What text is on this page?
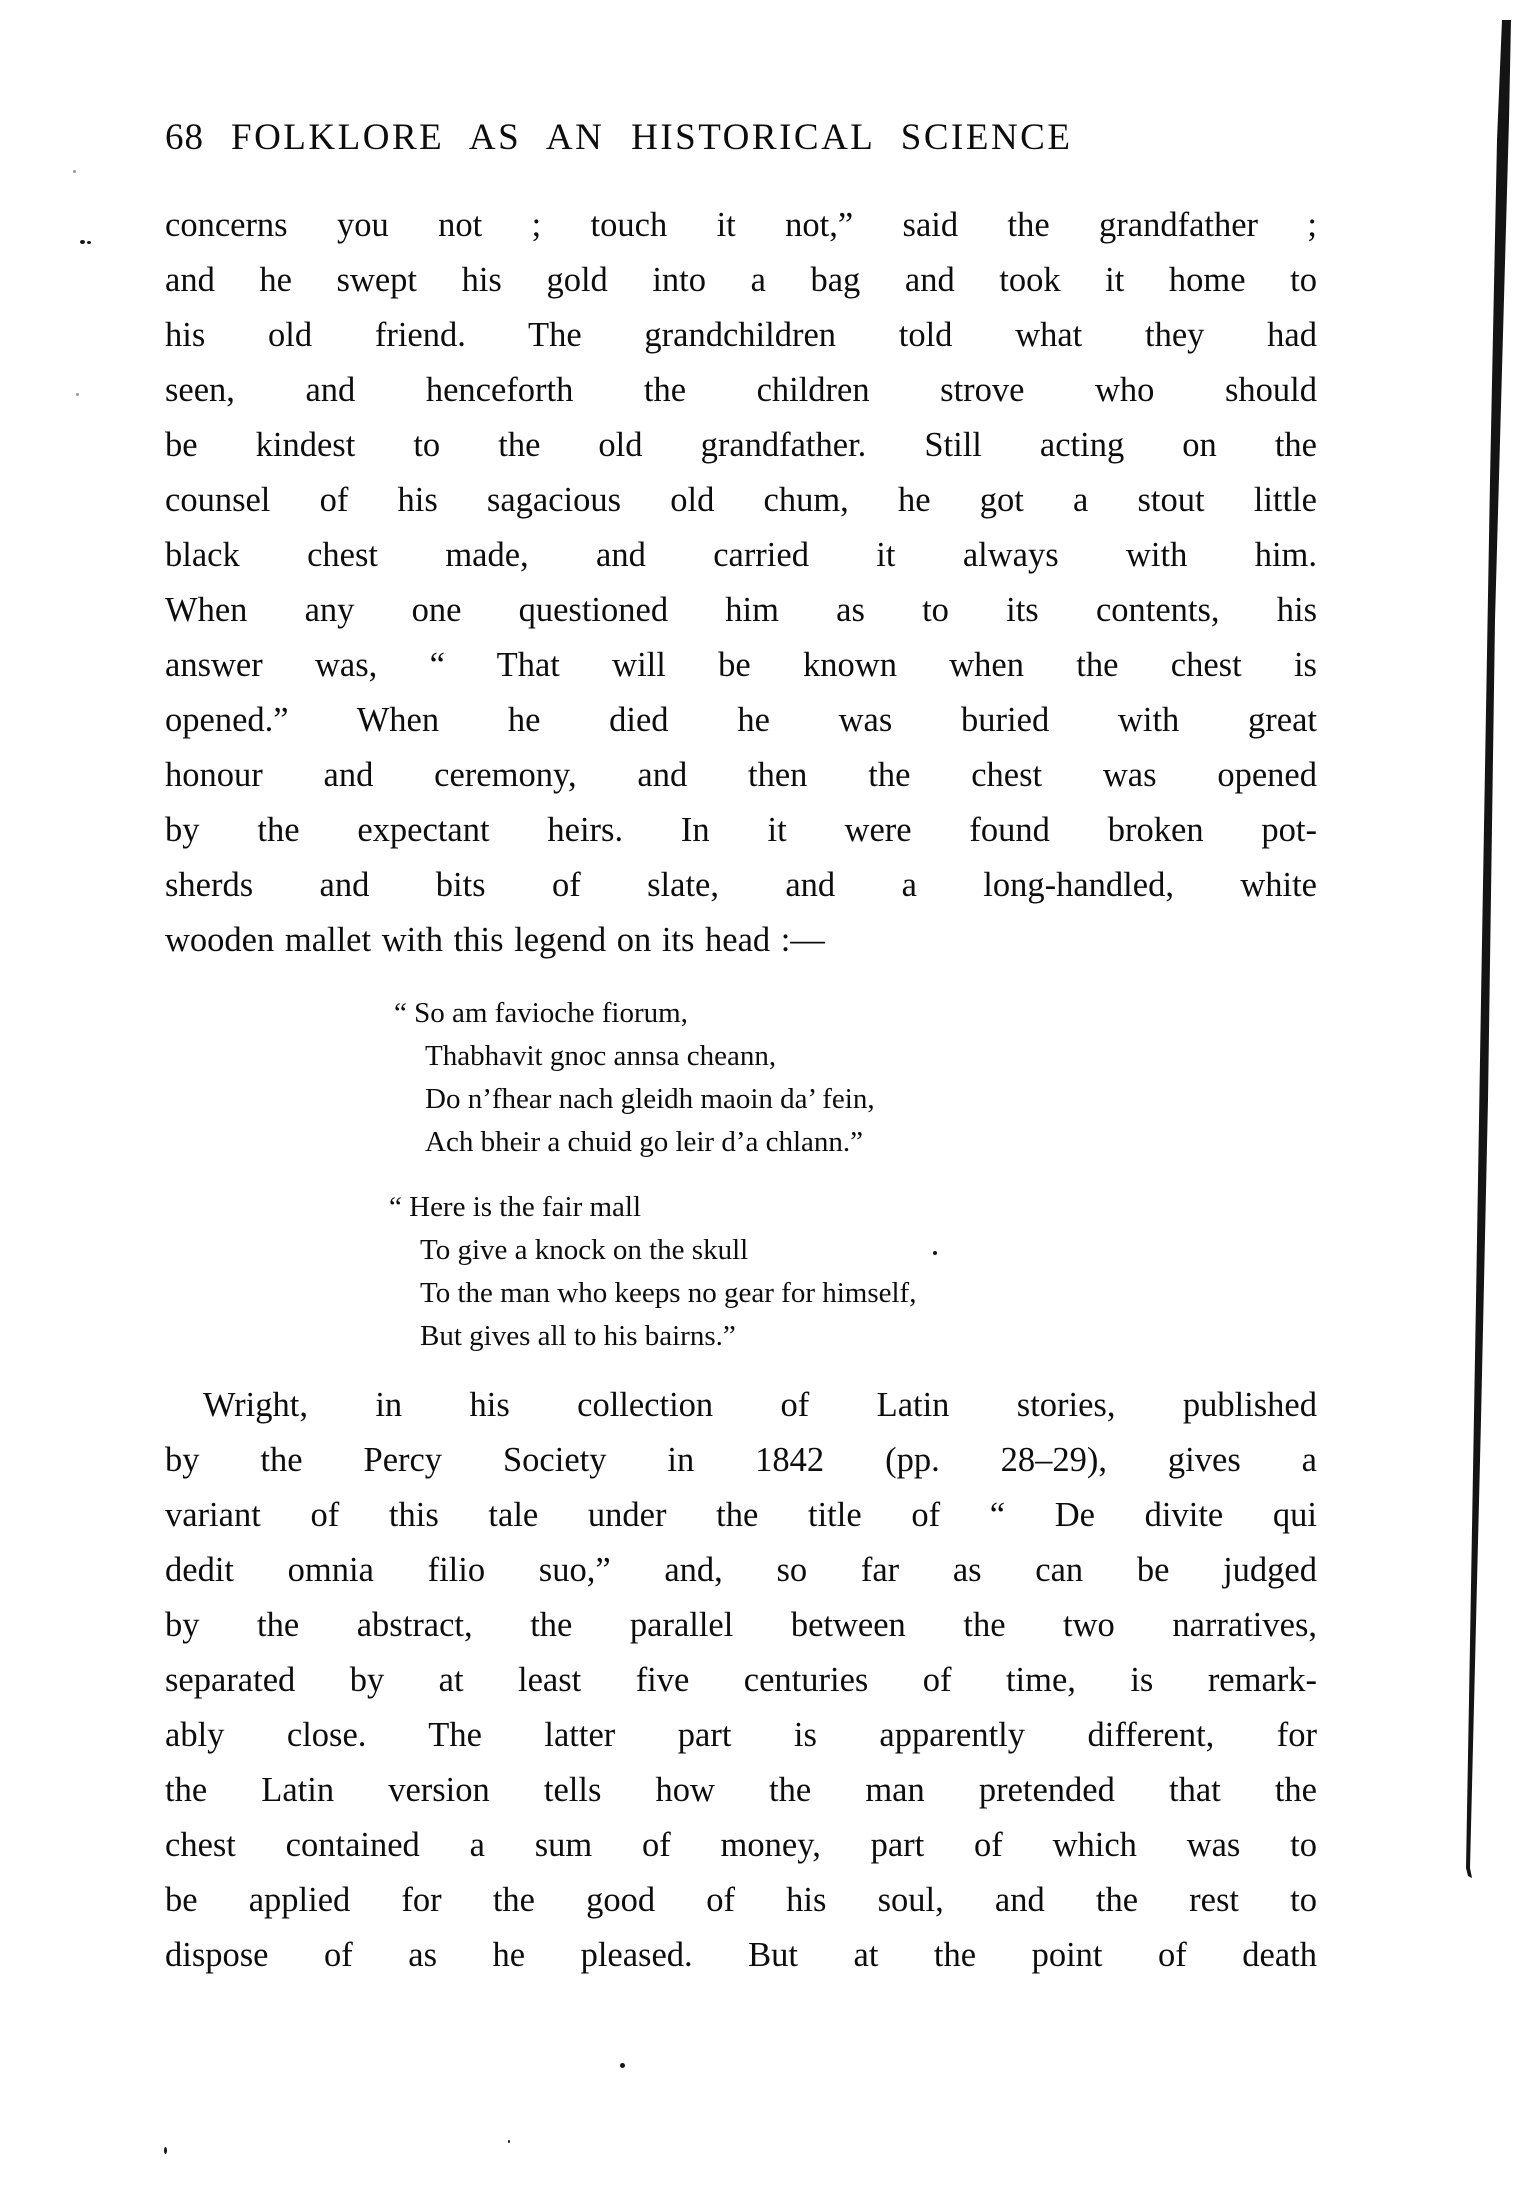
68 FOLKLORE AS AN HISTORICAL SCIENCE
concerns you not ; touch it not,” said the grandfather ;
and he swept his gold into a bag and took it home to
his old friend. The grandchildren told what they had
seen, and henceforth the children strove who should
be kindest to the old grandfather. Still acting on the
counsel of his sagacious old chum, he got a stout little
black chest made, and carried it always with him.
When any one questioned him as to its contents, his
answer was, “ That will be known when the chest is
opened.” When he died he was buried with great
honour and ceremony, and then the chest was opened
by the expectant heirs. In it were found broken pot-
sherds and bits of slate, and a long-handled, white
wooden mallet with this legend on its head :—
“ So am favioche fiorum,
Thabhavit gnoc annsa cheann,
Do n’fhear nach gleidh maoin da’ fein,
Ach bheir a chuid go leir d’a chlann.”
“ Here is the fair mall
To give a knock on the skull
To the man who keeps no gear for himself,
But gives all to his bairns.”
Wright, in his collection of Latin stories, published
by the Percy Society in 1842 (pp. 28–29), gives a
variant of this tale under the title of “ De divite qui
dedit omnia filio suo,” and, so far as can be judged
by the abstract, the parallel between the two narratives,
separated by at least five centuries of time, is remark-
ably close. The latter part is apparently different, for
the Latin version tells how the man pretended that the
chest contained a sum of money, part of which was to
be applied for the good of his soul, and the rest to
dispose of as he pleased. But at the point of death
